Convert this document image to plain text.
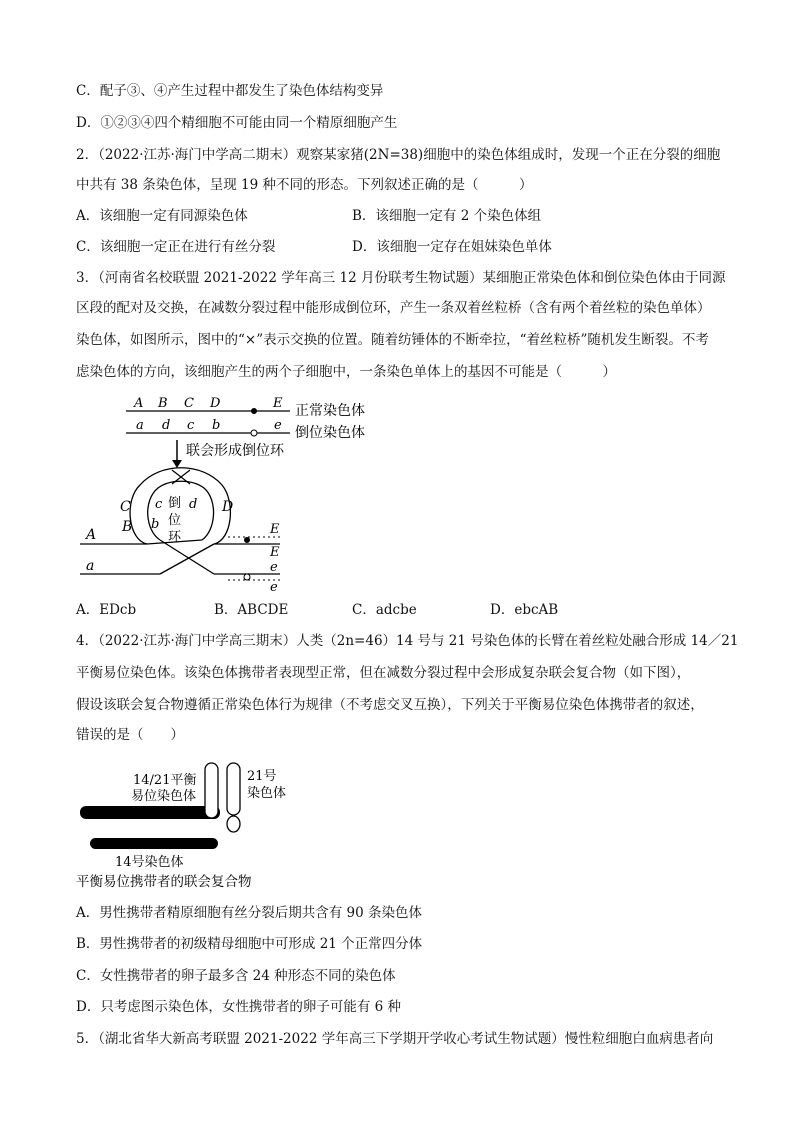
C．配子③、④产生过程中都发生了染色体结构变异
D．①②③④四个精细胞不可能由同一个精原细胞产生
2．（2022·江苏·海门中学高二期末）观察某家猪(2N=38)细胞中的染色体组成时，发现一个正在分裂的细胞
中共有 38 条染色体，呈现 19 种不同的形态。下列叙述正确的是（　　　）
A．该细胞一定有同源染色体	B．该细胞一定有 2 个染色体组
C．该细胞一定正在进行有丝分裂	D．该细胞一定存在姐妹染色单体
3．（河南省名校联盟 2021-2022 学年高三 12 月份联考生物试题）某细胞正常染色体和倒位染色体由于同源
区段的配对及交换，在减数分裂过程中能形成倒位环，产生一条双着丝粒桥（含有两个着丝粒的染色单体）
染色体，如图所示，图中的“×”表示交换的位置。随着纺锤体的不断牵拉，“着丝粒桥”随机发生断裂。不考
虑染色体的方向，该细胞产生的两个子细胞中，一条染色单体上的基因不可能是（　　　）
A B C D	E 正常染色体
a d c b	e 倒位染色体
联会形成倒位环
C
B
D
c
b
d
倒
位
环
A
a
E
E
e
e
A．EDcb	B．ABCDE	C．adcbe	D．ebcAB
4．（2022·江苏·海门中学高三期末）人类（2n=46）14 号与 21 号染色体的长臂在着丝粒处融合形成 14／21
平衡易位染色体。该染色体携带者表现型正常，但在减数分裂过程中会形成复杂联会复合物（如下图），
假设该联会复合物遵循正常染色体行为规律（不考虑交叉互换），下列关于平衡易位染色体携带者的叙述，
错误的是（　　）
14/21平衡
易位染色体
21号
染色体
14号染色体
平衡易位携带者的联会复合物
A．男性携带者精原细胞有丝分裂后期共含有 90 条染色体
B．男性携带者的初级精母细胞中可形成 21 个正常四分体
C．女性携带者的卵子最多含 24 种形态不同的染色体
D．只考虑图示染色体，女性携带者的卵子可能有 6 种
5．（湖北省华大新高考联盟 2021-2022 学年高三下学期开学收心考试生物试题）慢性粒细胞白血病患者向
